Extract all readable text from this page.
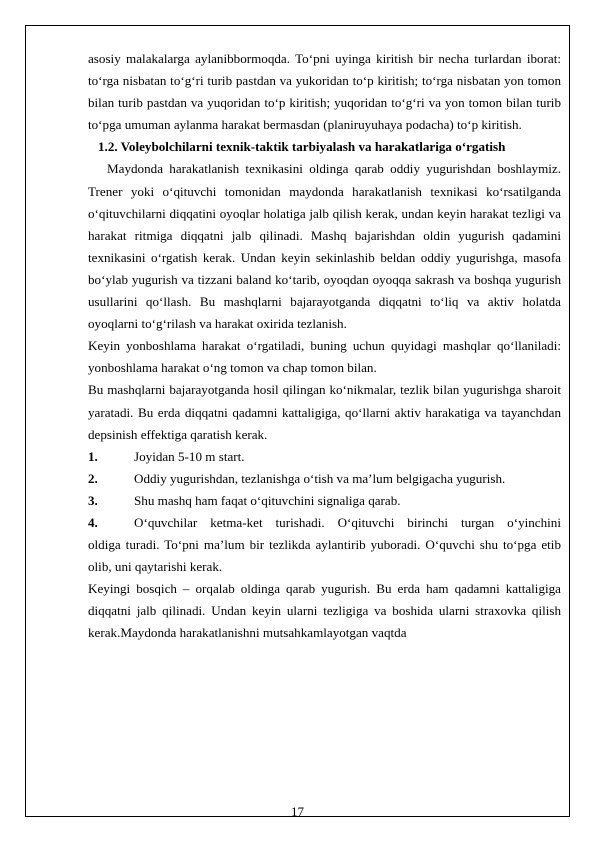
asosiy malakalarga aylanibbormoqda. To‘pni uyinga kiritish bir necha turlardan iborat: to‘rga nisbatan to‘g‘ri turib pastdan va yukoridan to‘p kiritish; to‘rga nisbatan yon tomon bilan turib pastdan va yuqoridan to‘p kiritish; yuqoridan to‘g‘ri va yon tomon bilan turib to‘pga umuman aylanma harakat bermasdan (planiruyuhaya podacha) to‘p kiritish.

1.2. Voleybolchilarni texnik-taktik tarbiyalash va harakatlariga o‘rgatish

Maydonda harakatlanish texnikasini oldinga qarab oddiy yugurishdan boshlaymiz. Trener yoki o‘qituvchi tomonidan maydonda harakatlanish texnikasi ko‘rsatilganda o‘qituvchilarni diqqatini oyoqlar holatiga jalb qilish kerak, undan keyin harakat tezligi va harakat ritmiga diqqatni jalb qilinadi. Mashq bajarishdan oldin yugurish qadamini texnikasini o‘rgatish kerak. Undan keyin sekinlashib beldan oddiy yugurishga, masofa bo‘ylab yugurish va tizzani baland ko‘tarib, oyoqdan oyoqqa sakrash va boshqa yugurish usullarini qo‘llash. Bu mashqlarni bajarayotganda diqqatni to‘liq va aktiv holatda oyoqlarni to‘g‘rilash va harakat oxirida tezlanish.

Keyin yonboshlama harakat o‘rgatiladi, buning uchun quyidagi mashqlar qo‘llaniladi: yonboshlama harakat o‘ng tomon va chap tomon bilan.

Bu mashqlarni bajarayotganda hosil qilingan ko‘nikmalar, tezlik bilan yugurishga sharoit yaratadi. Bu erda diqqatni qadamni kattaligiga, qo‘llarni aktiv harakatiga va tayanchdan depsinish effektiga qaratish kerak.

1.	Joyidan 5-10 m start.
2.	Oddiy yugurishdan, tezlanishga o‘tish va ma’lum belgigacha yugurish.
3.	Shu mashq ham faqat o‘qituvchini signaliga qarab.
4.	O‘quvchilar ketma-ket turishadi. O‘qituvchi birinchi turgan o‘yinchini

oldiga turadi. To‘pni ma’lum bir tezlikda aylantirib yuboradi. O‘quvchi shu to‘pga etib olib, uni qaytarishi kerak.

Keyingi bosqich – orqalab oldinga qarab yugurish. Bu erda ham qadamni kattaligiga diqqatni jalb qilinadi. Undan keyin ularni tezligiga va boshida ularni straxovka qilish kerak.Maydonda harakatlanishni mutsahkamlayotgan vaqtda

17
